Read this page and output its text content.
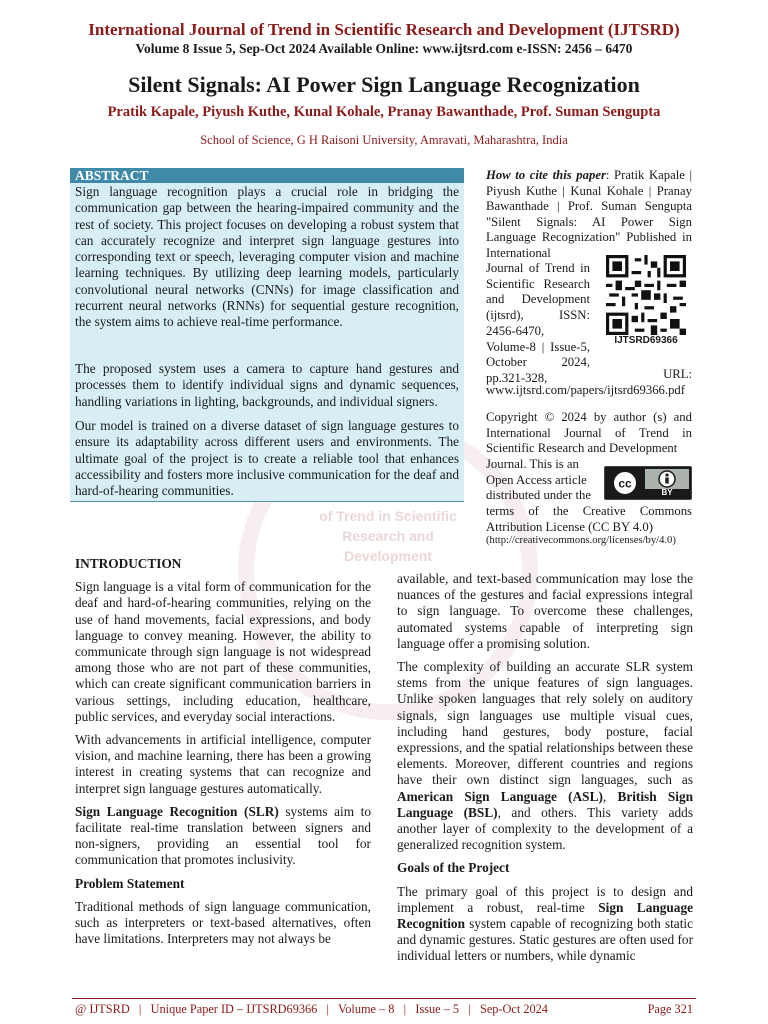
International Journal of Trend in Scientific Research and Development (IJTSRD)
Volume 8 Issue 5, Sep-Oct 2024 Available Online: www.ijtsrd.com e-ISSN: 2456 – 6470
Silent Signals: AI Power Sign Language Recognization
Pratik Kapale, Piyush Kuthe, Kunal Kohale, Pranay Bawanthade, Prof. Suman Sengupta
School of Science, G H Raisoni University, Amravati, Maharashtra, India
of Trend in Scientific
Research and
Development
ABSTRACT

Sign language recognition plays a crucial role in bridging the communication gap between the hearing-impaired community and the rest of society. This project focuses on developing a robust system that can accurately recognize and interpret sign language gestures into corresponding text or speech, leveraging computer vision and machine learning techniques. By utilizing deep learning models, particularly convolutional neural networks (CNNs) for image classification and recurrent neural networks (RNNs) for sequential gesture recognition, the system aims to achieve real-time performance.

The proposed system uses a camera to capture hand gestures and processes them to identify individual signs and dynamic sequences, handling variations in lighting, backgrounds, and individual signers.

Our model is trained on a diverse dataset of sign language gestures to ensure its adaptability across different users and environments. The ultimate goal of the project is to create a reliable tool that enhances accessibility and fosters more inclusive communication for the deaf and hard-of-hearing communities.

How to cite this paper: Pratik Kapale | Piyush Kuthe | Kunal Kohale | Pranay Bawanthade | Prof. Suman Sengupta "Silent Signals: AI Power Sign Language Recognization" Published in International
Journal of Trend in Scientific Research and Development (ijtsrd), ISSN: 2456-6470, Volume-8 | Issue-5, October 2024, pp.321-328,	URL:
www.ijtsrd.com/papers/ijtsrd69366.pdf
IJTSRD69366
Copyright © 2024 by author (s) and International Journal of Trend in Scientific Research and Development
Journal. This is an Open Access article distributed under the
cc
BY
terms of the Creative Commons Attribution License (CC BY 4.0)
(http://creativecommons.org/licenses/by/4.0)

INTRODUCTION

Sign language is a vital form of communication for the deaf and hard-of-hearing communities, relying on the use of hand movements, facial expressions, and body language to convey meaning. However, the ability to communicate through sign language is not widespread among those who are not part of these communities, which can create significant communication barriers in various settings, including education, healthcare, public services, and everyday social interactions.

With advancements in artificial intelligence, computer vision, and machine learning, there has been a growing interest in creating systems that can recognize and interpret sign language gestures automatically.

Sign Language Recognition (SLR) systems aim to facilitate real-time translation between signers and non-signers, providing an essential tool for communication that promotes inclusivity.

Problem Statement

Traditional methods of sign language communication, such as interpreters or text-based alternatives, often have limitations. Interpreters may not always be

available, and text-based communication may lose the nuances of the gestures and facial expressions integral to sign language. To overcome these challenges, automated systems capable of interpreting sign language offer a promising solution.

The complexity of building an accurate SLR system stems from the unique features of sign languages. Unlike spoken languages that rely solely on auditory signals, sign languages use multiple visual cues, including hand gestures, body posture, facial expressions, and the spatial relationships between these elements. Moreover, different countries and regions have their own distinct sign languages, such as American Sign Language (ASL), British Sign Language (BSL), and others. This variety adds another layer of complexity to the development of a generalized recognition system.

Goals of the Project

The primary goal of this project is to design and implement a robust, real-time Sign Language Recognition system capable of recognizing both static and dynamic gestures. Static gestures are often used for individual letters or numbers, while dynamic

@ IJTSRD   |   Unique Paper ID – IJTSRD69366   |   Volume – 8   |   Issue – 5   |   Sep-Oct 2024	Page 321
